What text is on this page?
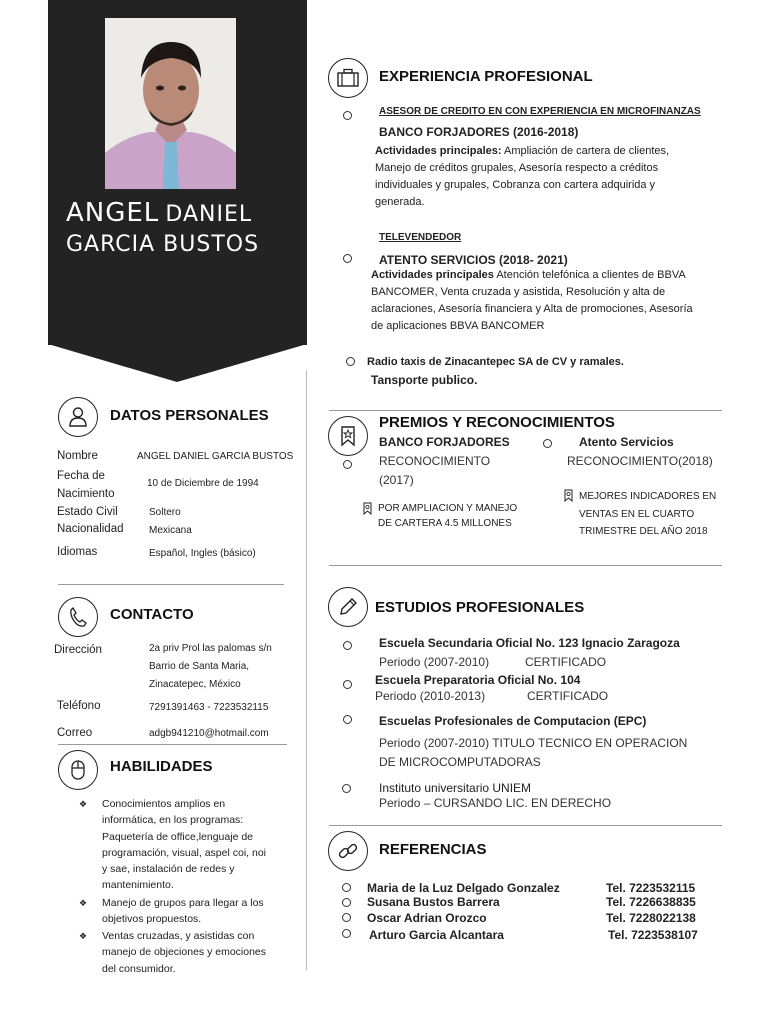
ANGEL DANIEL
GARCIA BUSTOS
DATOS PERSONALES
Nombre	ANGEL DANIEL GARCIA BUSTOS
Fecha de
Nacimiento
10 de Diciembre de 1994
Estado Civil	Soltero
Nacionalidad	Mexicana
Idiomas	Español, Ingles (básico)
CONTACTO
Dirección	2a priv Prol las palomas s/n
Barrio de Santa Maria,
Zinacatepec, México
Teléfono	7291391463 - 7223532115
Correo	adgb941210@hotmail.com
HABILIDADES
❖ Conocimientos amplios en informática, en los programas: Paquetería de office,lenguaje de programación, visual, aspel coi, noi y sae, instalación de redes y mantenimiento.
❖ Manejo de grupos para llegar a los objetivos propuestos.
❖ Ventas cruzadas, y asistidas con manejo de objeciones y emociones del consumidor.
EXPERIENCIA PROFESIONAL
ASESOR DE CREDITO EN CON EXPERIENCIA EN MICROFINANZAS
BANCO FORJADORES (2016-2018)
Actividades principales: Ampliación de cartera de clientes, Manejo de créditos grupales, Asesoría respecto a créditos individuales y grupales, Cobranza con cartera adquirida y generada.
TELEVENDEDOR
ATENTO SERVICIOS (2018- 2021)
Actividades principales Atención telefónica a clientes de BBVA BANCOMER, Venta cruzada y asistida, Resolución y alta de aclaraciones, Asesoría financiera y Alta de promociones, Asesoría de aplicaciones BBVA BANCOMER
Radio taxis de Zinacantepec SA de CV y ramales.
Tansporte publico.
PREMIOS Y RECONOCIMIENTOS
BANCO FORJADORES
RECONOCIMIENTO
(2017)
POR AMPLIACION Y MANEJO DE CARTERA 4.5 MILLONES
Atento Servicios
RECONOCIMIENTO(2018)
MEJORES INDICADORES EN VENTAS EN EL CUARTO TRIMESTRE DEL AÑO 2018
ESTUDIOS PROFESIONALES
Escuela Secundaria Oficial No. 123 Ignacio Zaragoza
Periodo (2007-2010)	CERTIFICADO
Escuela Preparatoria Oficial No. 104
Periodo (2010-2013)	CERTIFICADO
Escuelas Profesionales de Computacion (EPC)
Periodo (2007-2010) TITULO TECNICO EN OPERACION
DE MICROCOMPUTADORAS
Instituto universitario UNIEM
Periodo – CURSANDO LIC. EN DERECHO
REFERENCIAS
Maria de la Luz Delgado Gonzalez	Tel. 7223532115
Susana Bustos Barrera	Tel. 7226638835
Oscar Adrian Orozco	Tel. 7228022138
Arturo Garcia Alcantara	Tel. 7223538107
